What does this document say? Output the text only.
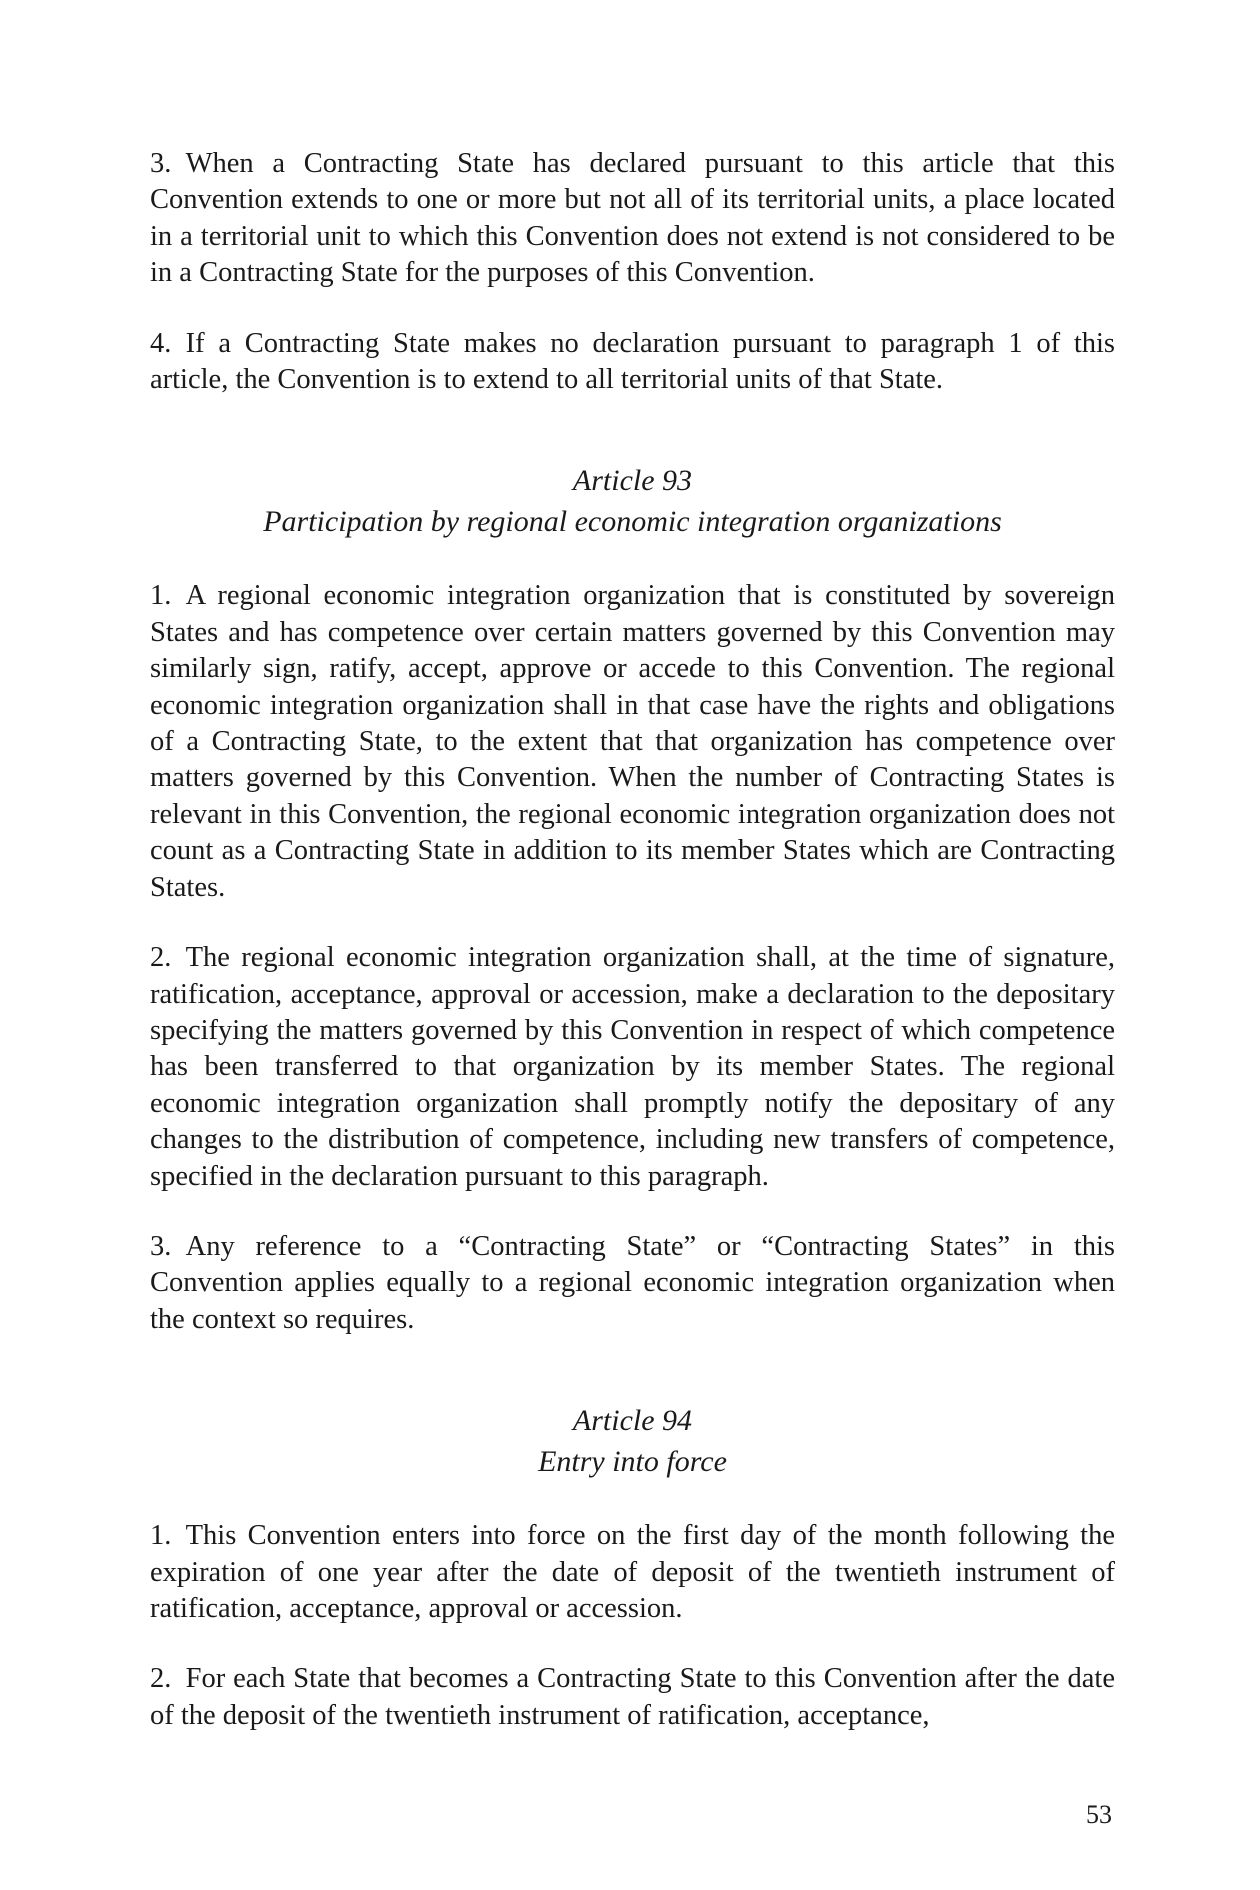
3. When a Contracting State has declared pursuant to this article that this Convention extends to one or more but not all of its territorial units, a place located in a territorial unit to which this Convention does not extend is not considered to be in a Contracting State for the purposes of this Convention.

4. If a Contracting State makes no declaration pursuant to paragraph 1 of this article, the Convention is to extend to all territorial units of that State.

Article 93

Participation by regional economic integration organizations

1. A regional economic integration organization that is constituted by sovereign States and has competence over certain matters governed by this Convention may similarly sign, ratify, accept, approve or accede to this Convention. The regional economic integration organization shall in that case have the rights and obligations of a Contracting State, to the extent that that organization has competence over matters governed by this Convention. When the number of Contracting States is relevant in this Convention, the regional economic integration organization does not count as a Contracting State in addition to its member States which are Contracting States.

2. The regional economic integration organization shall, at the time of signature, ratification, acceptance, approval or accession, make a declaration to the depositary specifying the matters governed by this Convention in respect of which competence has been transferred to that organization by its member States. The regional economic integration organization shall promptly notify the depositary of any changes to the distribution of competence, including new transfers of competence, specified in the declaration pursuant to this paragraph.

3. Any reference to a “Contracting State” or “Contracting States” in this Convention applies equally to a regional economic integration organization when the context so requires.

Article 94

Entry into force

1. This Convention enters into force on the first day of the month following the expiration of one year after the date of deposit of the twentieth instrument of ratification, acceptance, approval or accession.

2. For each State that becomes a Contracting State to this Convention after the date of the deposit of the twentieth instrument of ratification, acceptance,

53
